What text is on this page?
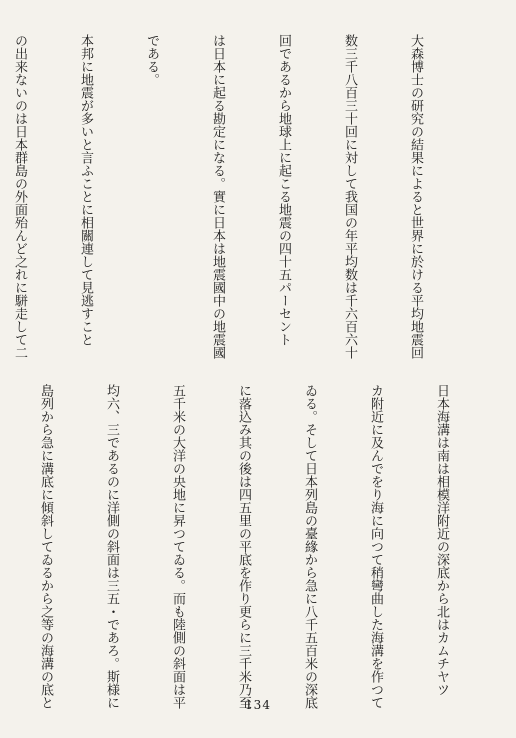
大森博士の研究の結果によると世界に於ける平均地震回

数三千八百三十回に対して我国の年平均数は千六百六十

回であるから地球上に起こる地震の四十五パーセント

は日本に起る勘定になる。實に日本は地震國中の地震國

である。

本邦に地震が多いと言ふことに相關連して見逃すこと

の出来ないのは日本群島の外面殆んど之れに駢走して二

日本海溝は南は相模洋附近の深底から北はカムチヤツ

カ附近に及んでをり海に向つて稍彎曲した海溝を作つて

ゐる。そして日本列島の臺緣から急に八千五百米の深底

に落込み其の後は四五里の平底を作り更らに三千米乃至

五千米の大洋の央地に昇つてゐる。而も陸側の斜面は平

均六、三であるのに洋側の斜面は三五・であろ。斯様に

島列から急に溝底に傾斜してゐるから之等の海溝の底と

	134
